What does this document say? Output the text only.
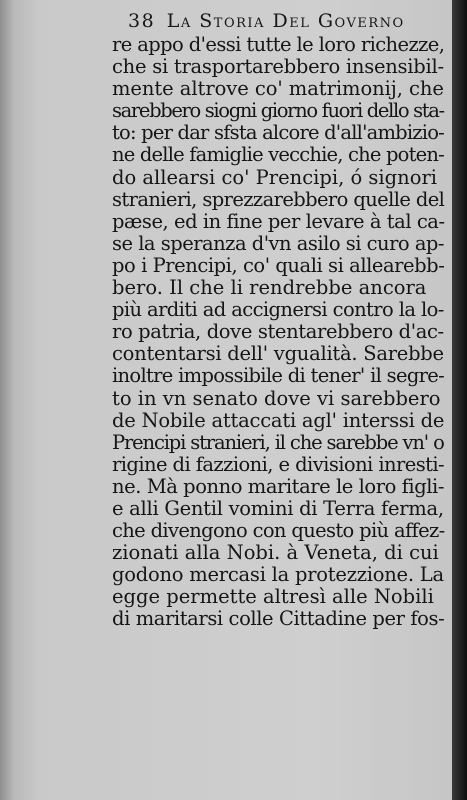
38 La Storia Del Governo
re appo d'essi tutte le loro richezze,
che si trasportarebbero insensibil-
mente altrove co' matrimonij, che
sarebbero siogni giorno fuori dello sta-
to: per dar sfsta alcore d'all'ambizio-
ne delle famiglie vecchie, che poten-
do allearsi co' Prencipi, ó signori
stranieri, sprezzarebbero quelle del
pæse, ed in fine per levare à tal ca-
se la speranza d'vn asilo si curo ap-
po i Prencipi, co' quali si allearebb-
bero. Il che li rendrebbe ancora
più arditi ad accignersi contro la lo-
ro patria, dove stentarebbero d'ac-
contentarsi dell' vgualità. Sarebbe
inoltre impossibile di tener' il segre-
to in vn senato dove vi sarebbero
de Nobile attaccati agl' interssi de
Prencipi stranieri, il che sarebbe vn' o
rigine di fazzioni, e divisioni inresti-
ne. Mà ponno maritare le loro figli-
e alli Gentil vomini di Terra ferma,
che divengono con questo più affez-
zionati alla Nobi. à Veneta, di cui
godono mercasi la protezzione. La
egge permette altresì alle Nobili
di maritarsi colle Cittadine per fos-
